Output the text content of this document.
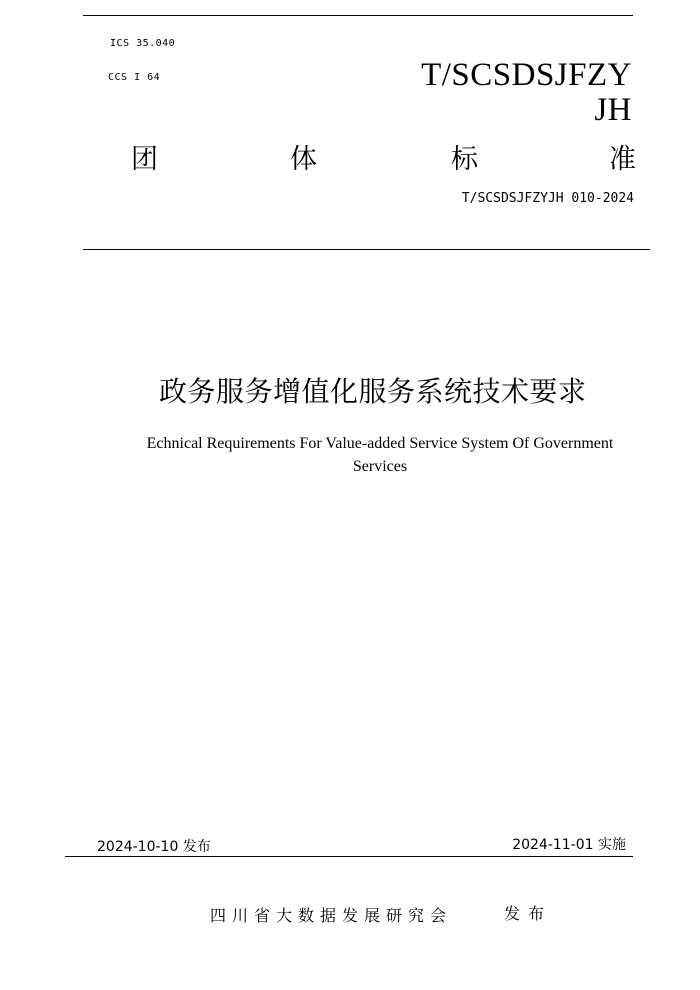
ICS 35.040
CCS I 64	T/SCSDSJFZY
JH
团	体	标	准
T/SCSDSJFZYJH 010-2024
政务服务增值化服务系统技术要求
Echnical Requirements For Value-added Service System Of Government
Services
2024-10-10 发布	2024-11-01 实施
四川省大数据发展研究会	发布
